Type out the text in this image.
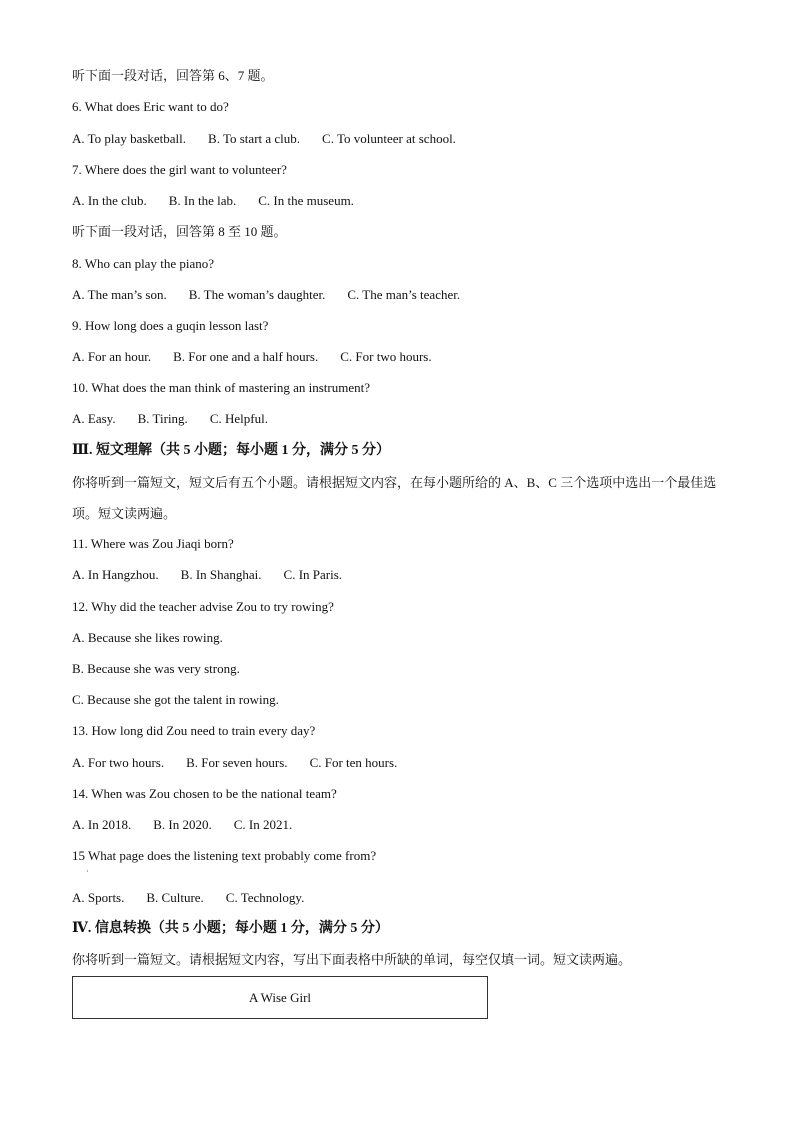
听下面一段对话，回答第 6、7 题。
6. What does Eric want to do?
A. To play basketball. B. To start a club. C. To volunteer at school.
7. Where does the girl want to volunteer?
A. In the club. B. In the lab. C. In the museum.
听下面一段对话，回答第 8 至 10 题。
8. Who can play the piano?
A. The man’s son. B. The woman’s daughter. C. The man’s teacher.
9. How long does a guqin lesson last?
A. For an hour. B. For one and a half hours. C. For two hours.
10. What does the man think of mastering an instrument?
A. Easy. B. Tiring. C. Helpful.
Ⅲ. 短文理解（共 5 小题；每小题 1 分，满分 5 分）
你将听到一篇短文，短文后有五个小题。请根据短文内容，在每小题所给的 A、B、C 三个选项中选出一个最佳选项。短文读两遍。
11. Where was Zou Jiaqi born?
A. In Hangzhou. B. In Shanghai. C. In Paris.
12. Why did the teacher advise Zou to try rowing?
A. Because she likes rowing.
B. Because she was very strong.
C. Because she got the talent in rowing.
13. How long did Zou need to train every day?
A. For two hours. B. For seven hours. C. For ten hours.
14. When was Zou chosen to be the national team?
A. In 2018. B. In 2020. C. In 2021.
15 What page does the listening text probably come from?
·
A. Sports. B. Culture. C. Technology.
Ⅳ. 信息转换（共 5 小题；每小题 1 分，满分 5 分）
你将听到一篇短文。请根据短文内容，写出下面表格中所缺的单词，每空仅填一词。短文读两遍。
A Wise Girl
